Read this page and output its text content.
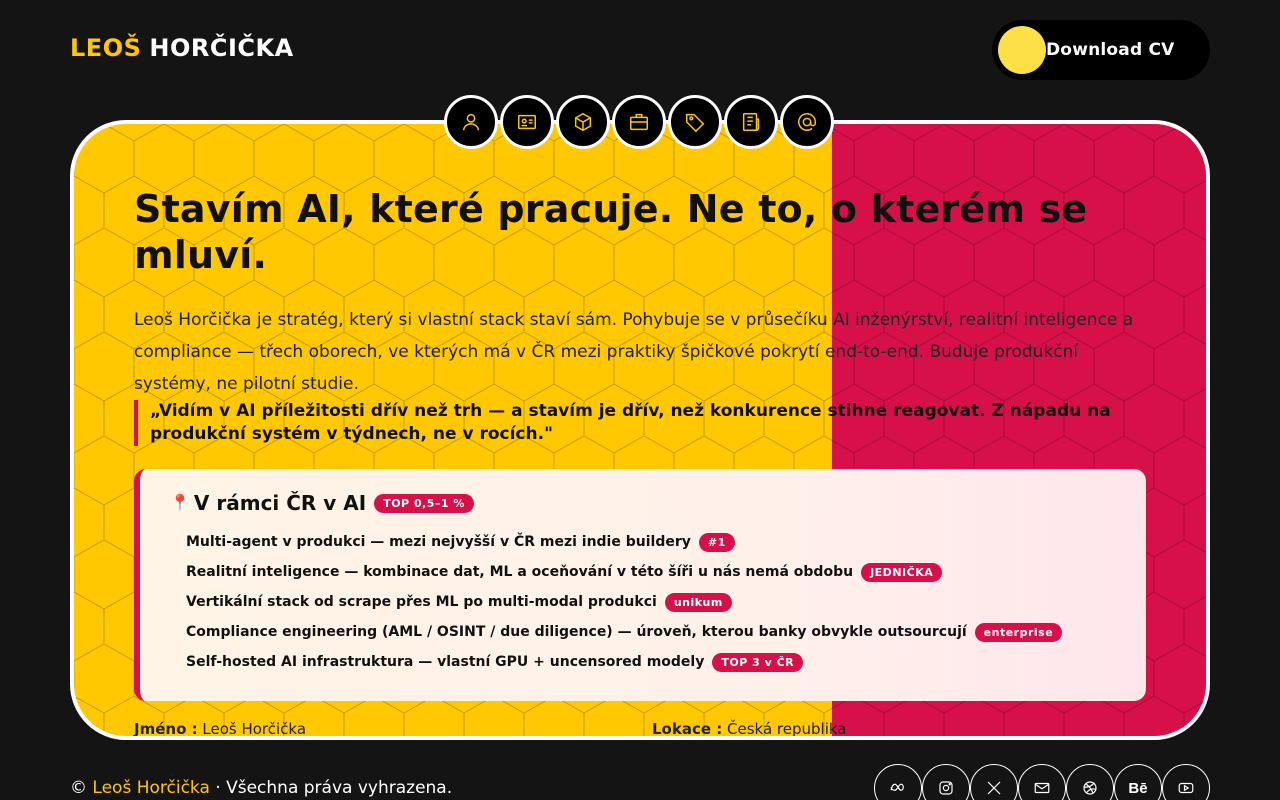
LEOŠ HORČIČKA	Download CV
Stavím AI, které pracuje. Ne to, o kterém se mluví.

Leoš Horčička je stratég, který si vlastní stack staví sám. Pohybuje se v průsečíku AI inženýrství, realitní inteligence a compliance — třech oborech, ve kterých má v ČR mezi praktiky špičkové pokrytí end-to-end. Buduje produkční systémy, ne pilotní studie.

„Vidím v AI příležitosti dřív než trh — a stavím je dřív, než konkurence stihne reagovat. Z nápadu na produkční systém v týdnech, ne v rocích."
📍 V rámci ČR v AI	TOP 0,5–1 %
Multi-agent v produkci — mezi nejvyšší v ČR mezi indie buildery	#1
Realitní inteligence — kombinace dat, ML a oceňování v této šíři u nás nemá obdobu	JEDNIČKA
Vertikální stack od scrape přes ML po multi-modal produkci	unikum
Compliance engineering (AML / OSINT / due diligence) — úroveň, kterou banky obvykle outsourcují	enterprise
Self-hosted AI infrastruktura — vlastní GPU + uncensored modely	TOP 3 v ČR
Jméno : Leoš Horčička	Lokace : Česká republika
© Leoš Horčička · Všechna práva vyhrazena.	Bē
